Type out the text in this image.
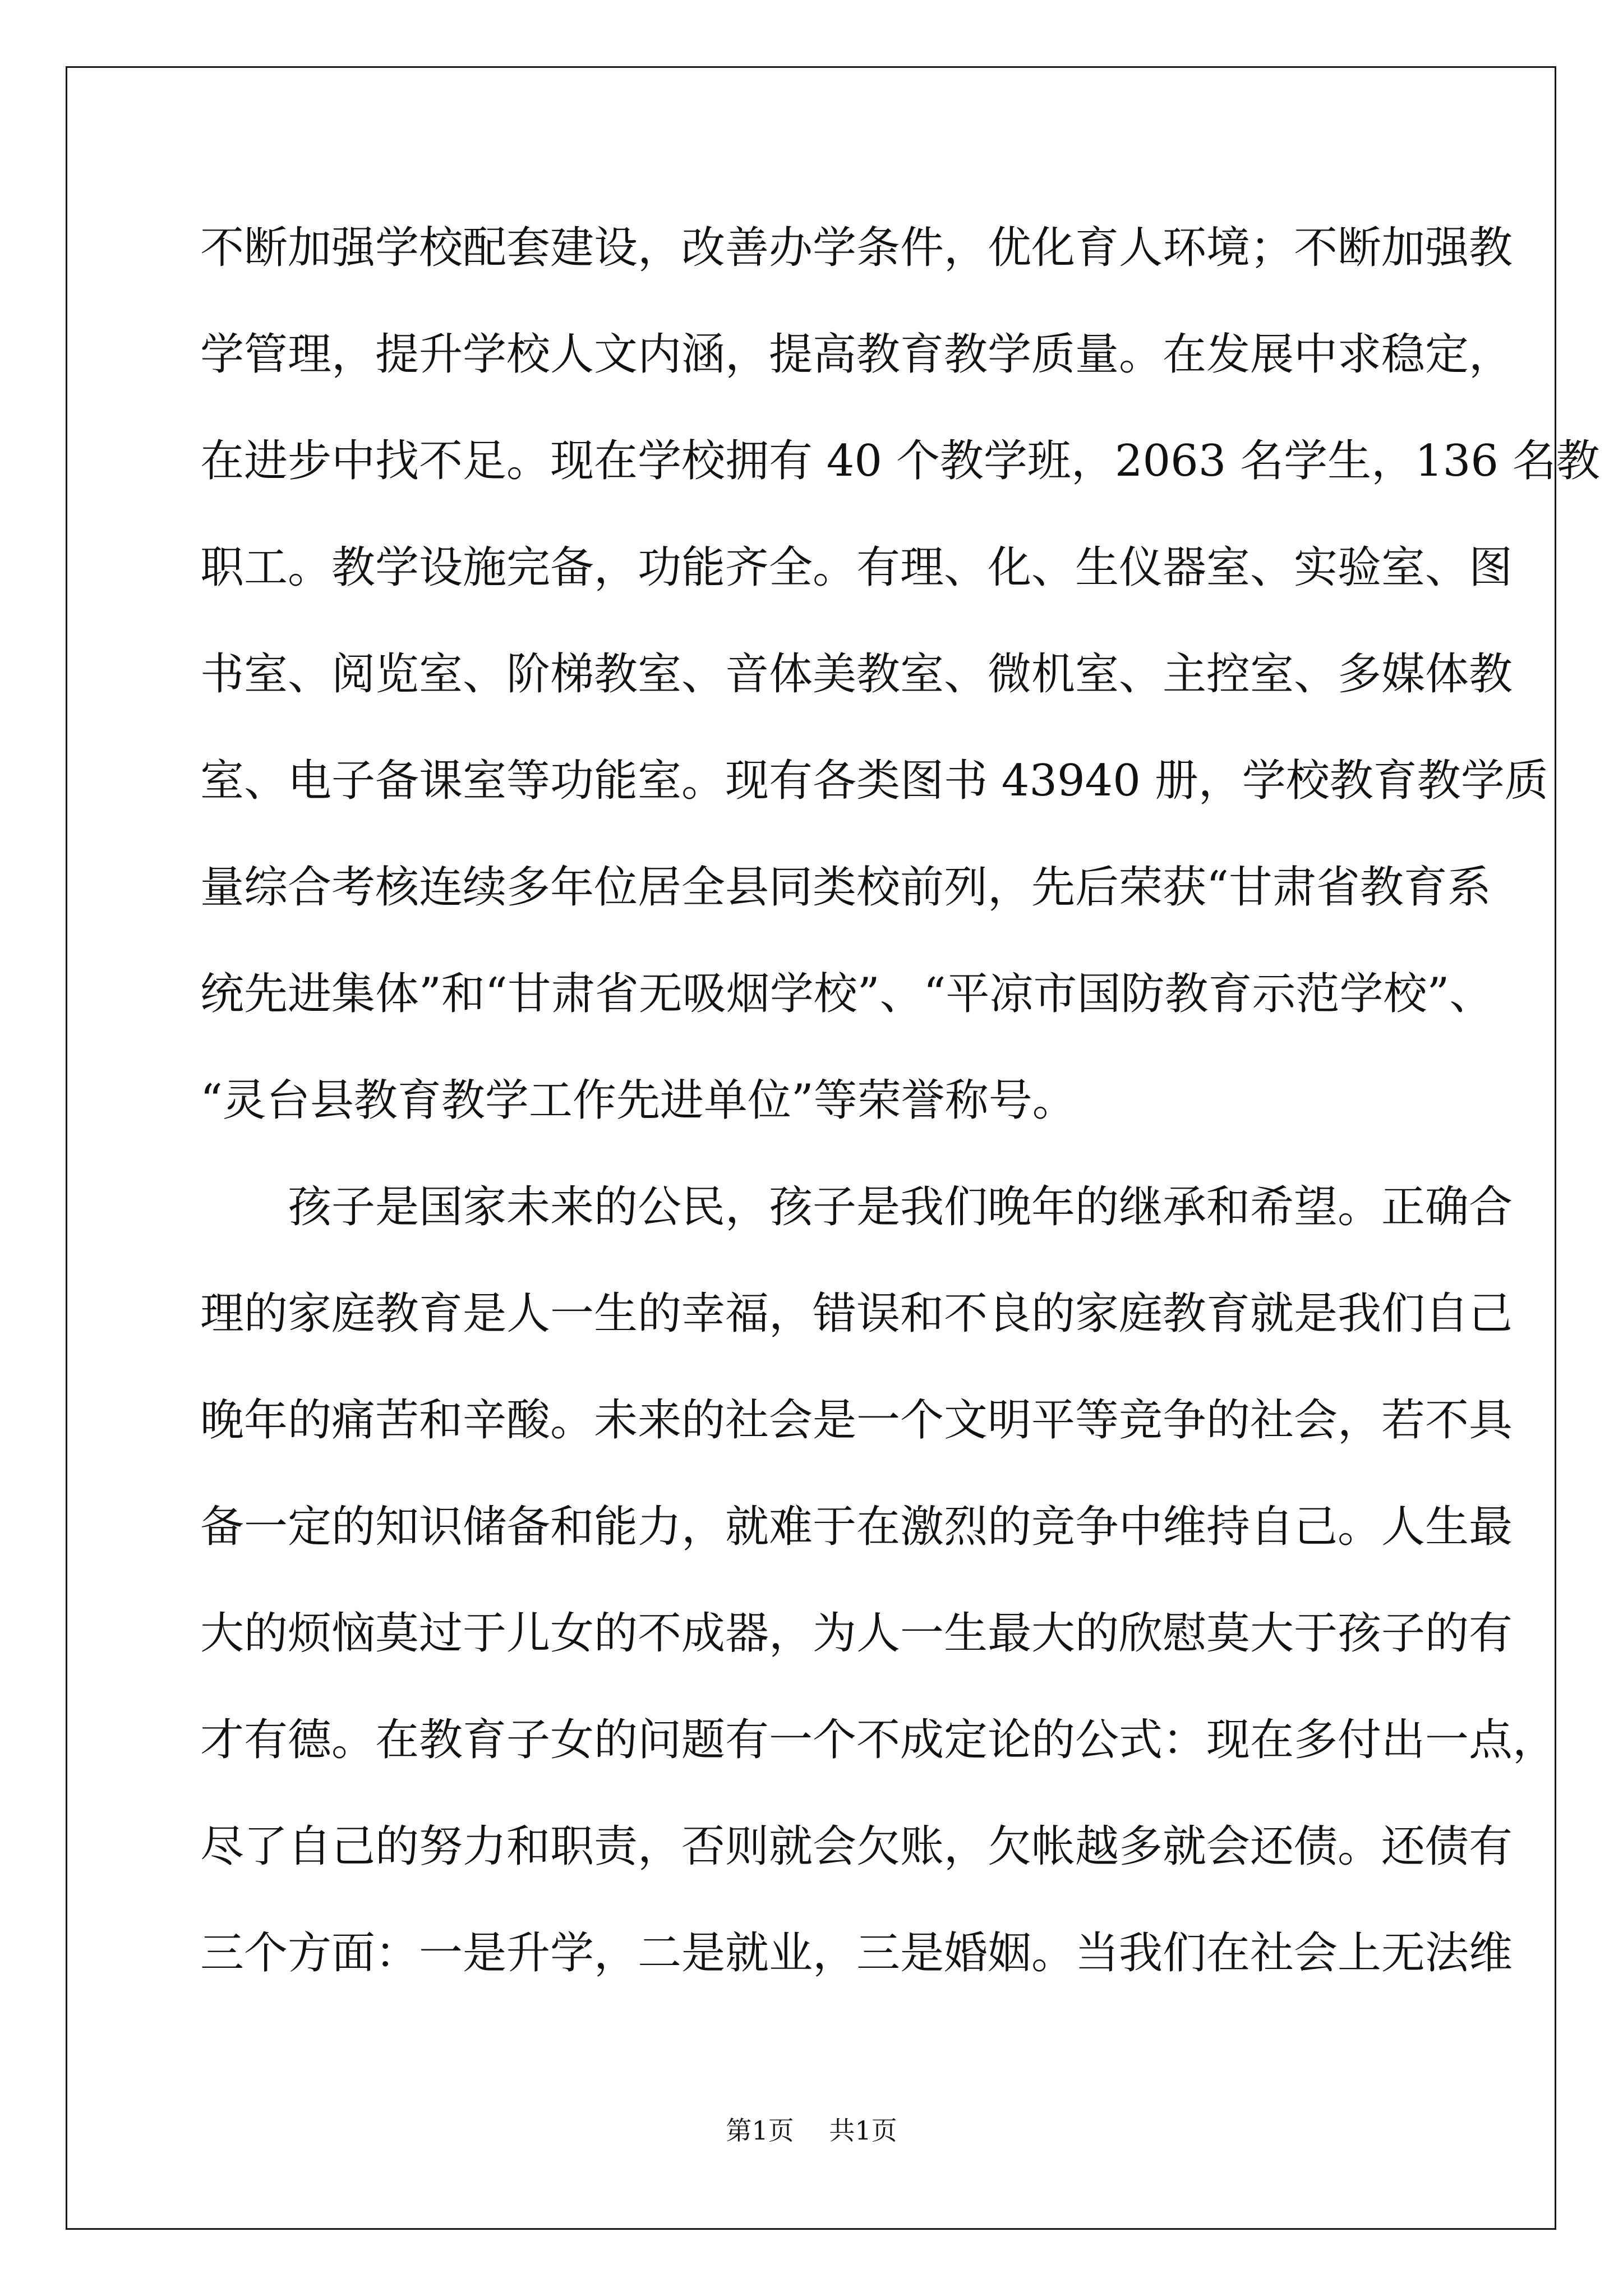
不断加强学校配套建设，改善办学条件，优化育人环境；不断加强教
学管理，提升学校人文内涵，提高教育教学质量。在发展中求稳定，
在进步中找不足。现在学校拥有 40 个教学班，2063 名学生，136 名教
职工。教学设施完备，功能齐全。有理、化、生仪器室、实验室、图
书室、阅览室、阶梯教室、音体美教室、微机室、主控室、多媒体教
室、电子备课室等功能室。现有各类图书 43940 册，学校教育教学质
量综合考核连续多年位居全县同类校前列，先后荣获“甘肃省教育系
统先进集体”和“甘肃省无吸烟学校”、“平凉市国防教育示范学校”、
“灵台县教育教学工作先进单位”等荣誉称号。
孩子是国家未来的公民，孩子是我们晚年的继承和希望。正确合
理的家庭教育是人一生的幸福，错误和不良的家庭教育就是我们自己
晚年的痛苦和辛酸。未来的社会是一个文明平等竞争的社会，若不具
备一定的知识储备和能力，就难于在激烈的竞争中维持自己。人生最
大的烦恼莫过于儿女的不成器，为人一生最大的欣慰莫大于孩子的有
才有德。在教育子女的问题有一个不成定论的公式：现在多付出一点，
尽了自己的努力和职责，否则就会欠账，欠帐越多就会还债。还债有
三个方面：一是升学，二是就业，三是婚姻。当我们在社会上无法维
第1页 共1页
